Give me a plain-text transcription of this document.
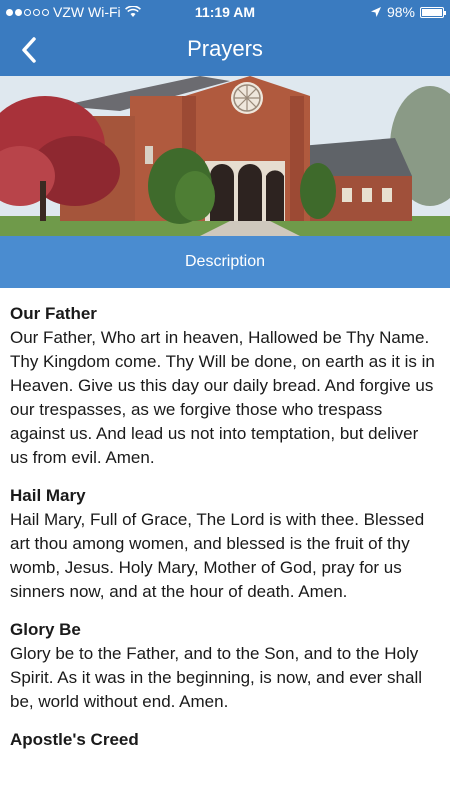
VZW Wi-Fi	11:19 AM	98%
Prayers
Description
Our Father
Our Father, Who art in heaven, Hallowed be Thy Name. Thy Kingdom come. Thy Will be done, on earth as it is in Heaven. Give us this day our daily bread. And forgive us our trespasses, as we forgive those who trespass against us. And lead us not into temptation, but deliver us from evil. Amen.
Hail Mary
Hail Mary, Full of Grace, The Lord is with thee. Blessed art thou among women, and blessed is the fruit of thy womb, Jesus. Holy Mary, Mother of God, pray for us sinners now, and at the hour of death. Amen.
Glory Be
Glory be to the Father, and to the Son, and to the Holy Spirit. As it was in the beginning, is now, and ever shall be, world without end. Amen.
Apostle's Creed
